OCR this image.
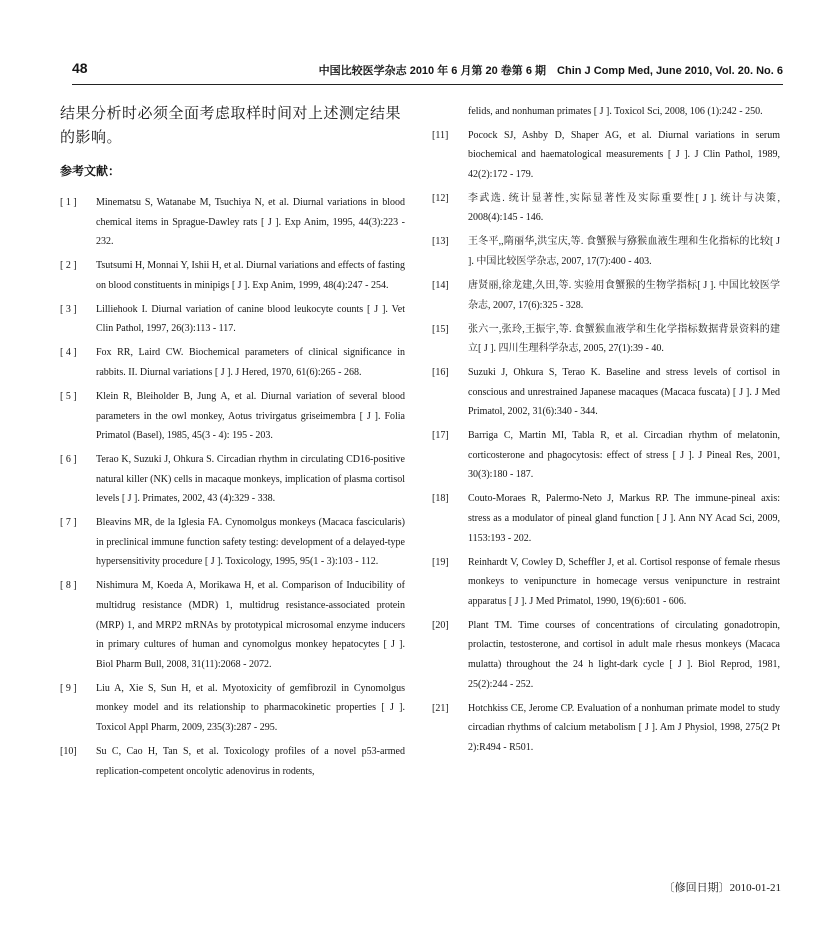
48	中国比较医学杂志 2010 年 6 月第 20 卷第 6 期　Chin J Comp Med, June 2010, Vol. 20. No. 6

结果分析时必须全面考虑取样时间对上述测定结果的影响。

参考文献：
[ 1 ]	Minematsu S, Watanabe M, Tsuchiya N, et al. Diurnal variations in blood chemical items in Sprague-Dawley rats [ J ]. Exp Anim, 1995, 44(3):223 - 232.
[ 2 ]	Tsutsumi H, Monnai Y, Ishii H, et al. Diurnal variations and effects of fasting on blood constituents in minipigs [ J ]. Exp Anim, 1999, 48(4):247 - 254.
[ 3 ]	Lilliehook I. Diurnal variation of canine blood leukocyte counts [ J ]. Vet Clin Pathol, 1997, 26(3):113 - 117.
[ 4 ]	Fox RR, Laird CW. Biochemical parameters of clinical significance in rabbits. II. Diurnal variations [ J ]. J Hered, 1970, 61(6):265 - 268.
[ 5 ]	Klein R, Bleiholder B, Jung A, et al. Diurnal variation of several blood parameters in the owl monkey, Aotus trivirgatus griseimembra [ J ]. Folia Primatol (Basel), 1985, 45(3 - 4): 195 - 203.
[ 6 ]	Terao K, Suzuki J, Ohkura S. Circadian rhythm in circulating CD16-positive natural killer (NK) cells in macaque monkeys, implication of plasma cortisol levels [ J ]. Primates, 2002, 43 (4):329 - 338.
[ 7 ]	Bleavins MR, de la Iglesia FA. Cynomolgus monkeys (Macaca fascicularis) in preclinical immune function safety testing: development of a delayed-type hypersensitivity procedure [ J ]. Toxicology, 1995, 95(1 - 3):103 - 112.
[ 8 ]	Nishimura M, Koeda A, Morikawa H, et al. Comparison of Inducibility of multidrug resistance (MDR) 1, multidrug resistance-associated protein (MRP) 1, and MRP2 mRNAs by prototypical microsomal enzyme inducers in primary cultures of human and cynomolgus monkey hepatocytes [ J ]. Biol Pharm Bull, 2008, 31(11):2068 - 2072.
[ 9 ]	Liu A, Xie S, Sun H, et al. Myotoxicity of gemfibrozil in Cynomolgus monkey model and its relationship to pharmacokinetic properties [ J ]. Toxicol Appl Pharm, 2009, 235(3):287 - 295.
[10]	Su C, Cao H, Tan S, et al. Toxicology profiles of a novel p53-armed replication-competent oncolytic adenovirus in rodents,
felids, and nonhuman primates [ J ]. Toxicol Sci, 2008, 106 (1):242 - 250.
[11]	Pocock SJ, Ashby D, Shaper AG, et al. Diurnal variations in serum biochemical and haematological measurements [ J ]. J Clin Pathol, 1989, 42(2):172 - 179.
[12]	李武选. 统计显著性,实际显著性及实际重要性[ J ]. 统计与决策, 2008(4):145 - 146.
[13]	王冬平,,隋丽华,洪宝庆,等. 食蟹猴与猕猴血液生理和生化指标的比较[ J ]. 中国比较医学杂志, 2007, 17(7):400 - 403.
[14]	唐贤丽,徐龙建,久田,等. 实验用食蟹猴的生物学指标[ J ]. 中国比较医学杂志, 2007, 17(6):325 - 328.
[15]	张六一,张玲,王振宇,等. 食蟹猴血液学和生化学指标数据背景资料的建立[ J ]. 四川生理科学杂志, 2005, 27(1):39 - 40.
[16]	Suzuki J, Ohkura S, Terao K. Baseline and stress levels of cortisol in conscious and unrestrained Japanese macaques (Macaca fuscata) [ J ]. J Med Primatol, 2002, 31(6):340 - 344.
[17]	Barriga C, Martin MI, Tabla R, et al. Circadian rhythm of melatonin, corticosterone and phagocytosis: effect of stress [ J ]. J Pineal Res, 2001, 30(3):180 - 187.
[18]	Couto-Moraes R, Palermo-Neto J, Markus RP. The immune-pineal axis: stress as a modulator of pineal gland function [ J ]. Ann NY Acad Sci, 2009, 1153:193 - 202.
[19]	Reinhardt V, Cowley D, Scheffler J, et al. Cortisol response of female rhesus monkeys to venipuncture in homecage versus venipuncture in restraint apparatus [ J ]. J Med Primatol, 1990, 19(6):601 - 606.
[20]	Plant TM. Time courses of concentrations of circulating gonadotropin, prolactin, testosterone, and cortisol in adult male rhesus monkeys (Macaca mulatta) throughout the 24 h light-dark cycle [ J ]. Biol Reprod, 1981, 25(2):244 - 252.
[21]	Hotchkiss CE, Jerome CP. Evaluation of a nonhuman primate model to study circadian rhythms of calcium metabolism [ J ]. Am J Physiol, 1998, 275(2 Pt 2):R494 - R501.
〔修回日期〕2010-01-21
